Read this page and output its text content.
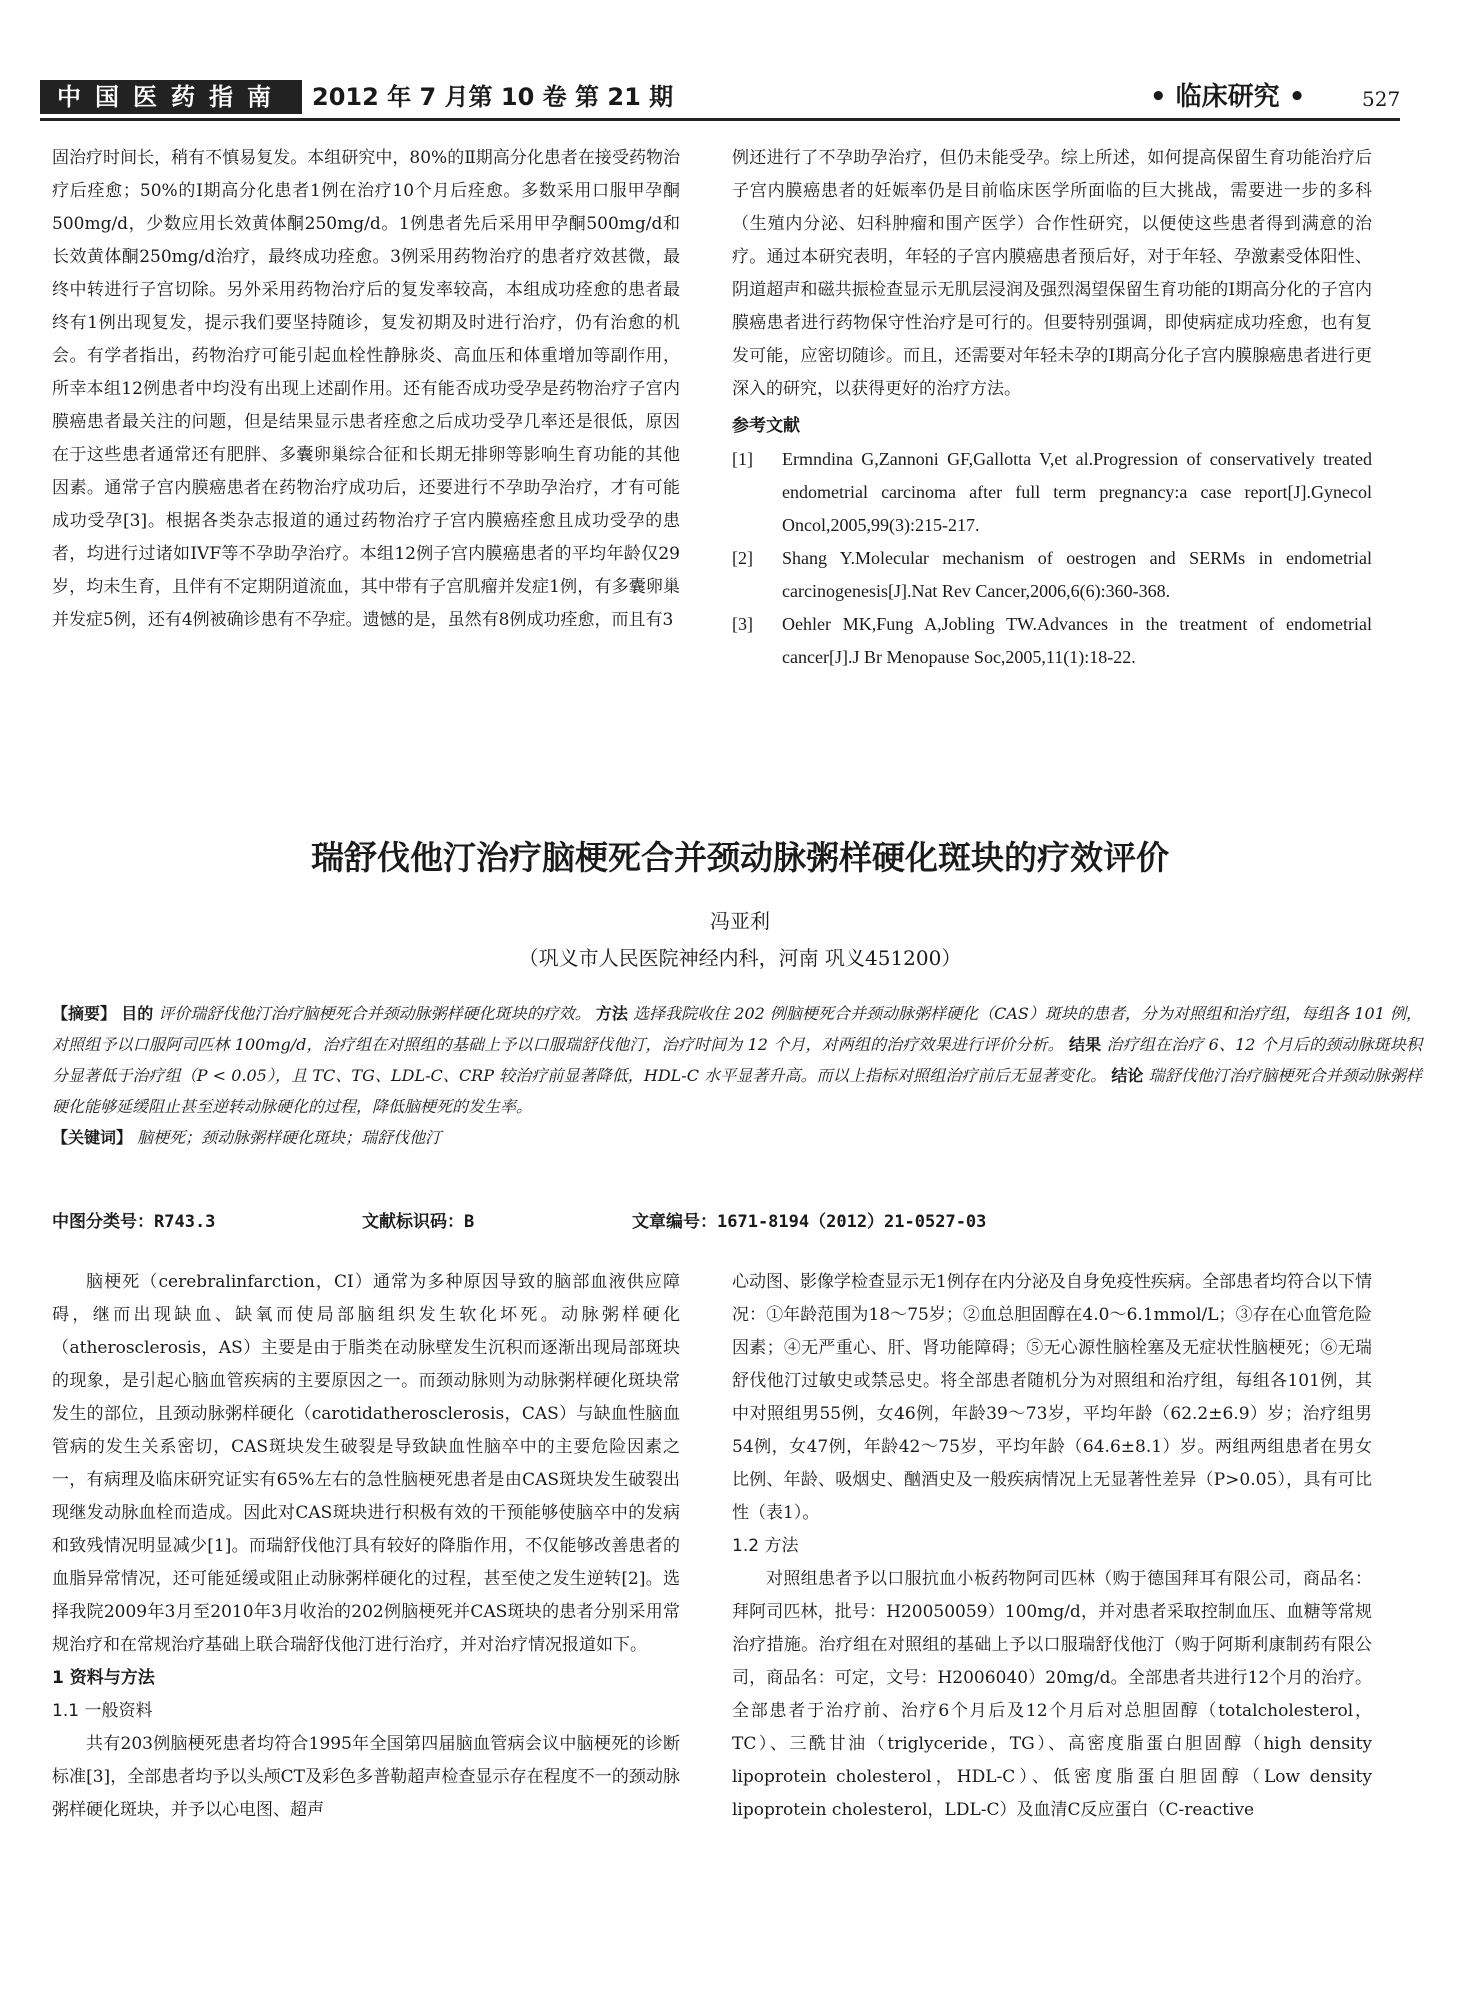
中国医药指南	2012 年 7 月第 10 卷 第 21 期	• 临床研究 •	527

固治疗时间长，稍有不慎易复发。本组研究中，80%的Ⅱ期高分化患者在接受药物治疗后痊愈；50%的Ⅰ期高分化患者1例在治疗10个月后痊愈。多数采用口服甲孕酮500mg/d，少数应用长效黄体酮250mg/d。1例患者先后采用甲孕酮500mg/d和长效黄体酮250mg/d治疗，最终成功痊愈。3例采用药物治疗的患者疗效甚微，最终中转进行子宫切除。另外采用药物治疗后的复发率较高，本组成功痊愈的患者最终有1例出现复发，提示我们要坚持随诊，复发初期及时进行治疗，仍有治愈的机会。有学者指出，药物治疗可能引起血栓性静脉炎、高血压和体重增加等副作用，所幸本组12例患者中均没有出现上述副作用。还有能否成功受孕是药物治疗子宫内膜癌患者最关注的问题，但是结果显示患者痊愈之后成功受孕几率还是很低，原因在于这些患者通常还有肥胖、多囊卵巢综合征和长期无排卵等影响生育功能的其他因素。通常子宫内膜癌患者在药物治疗成功后，还要进行不孕助孕治疗，才有可能成功受孕[3]。根据各类杂志报道的通过药物治疗子宫内膜癌痊愈且成功受孕的患者，均进行过诸如IVF等不孕助孕治疗。本组12例子宫内膜癌患者的平均年龄仅29岁，均未生育，且伴有不定期阴道流血，其中带有子宫肌瘤并发症1例，有多囊卵巢并发症5例，还有4例被确诊患有不孕症。遗憾的是，虽然有8例成功痊愈，而且有3

例还进行了不孕助孕治疗，但仍未能受孕。综上所述，如何提高保留生育功能治疗后子宫内膜癌患者的妊娠率仍是目前临床医学所面临的巨大挑战，需要进一步的多科（生殖内分泌、妇科肿瘤和围产医学）合作性研究，以便使这些患者得到满意的治疗。通过本研究表明，年轻的子宫内膜癌患者预后好，对于年轻、孕激素受体阳性、阴道超声和磁共振检查显示无肌层浸润及强烈渴望保留生育功能的Ⅰ期高分化的子宫内膜癌患者进行药物保守性治疗是可行的。但要特别强调，即使病症成功痊愈，也有复发可能，应密切随诊。而且，还需要对年轻未孕的Ⅰ期高分化子宫内膜腺癌患者进行更深入的研究，以获得更好的治疗方法。

参考文献

[1] Ermndina G,Zannoni GF,Gallotta V,et al.Progression of conservatively treated endometrial carcinoma after full term pregnancy:a case report[J].Gynecol Oncol,2005,99(3):215-217.

[2] Shang Y.Molecular mechanism of oestrogen and SERMs in endometrial carcinogenesis[J].Nat Rev Cancer,2006,6(6):360-368.

[3] Oehler MK,Fung A,Jobling TW.Advances in the treatment of endometrial cancer[J].J Br Menopause Soc,2005,11(1):18-22.

瑞舒伐他汀治疗脑梗死合并颈动脉粥样硬化斑块的疗效评价
冯亚利
（巩义市人民医院神经内科，河南 巩义451200）

【摘要】 目的 评价瑞舒伐他汀治疗脑梗死合并颈动脉粥样硬化斑块的疗效。 方法 选择我院收住 202 例脑梗死合并颈动脉粥样硬化（CAS）斑块的患者，分为对照组和治疗组，每组各 101 例，对照组予以口服阿司匹林 100mg/d，治疗组在对照组的基础上予以口服瑞舒伐他汀，治疗时间为 12 个月，对两组的治疗效果进行评价分析。 结果 治疗组在治疗 6、12 个月后的颈动脉斑块积分显著低于治疗组（P < 0.05），且 TC、TG、LDL-C、CRP 较治疗前显著降低，HDL-C 水平显著升高。而以上指标对照组治疗前后无显著变化。 结论 瑞舒伐他汀治疗脑梗死合并颈动脉粥样硬化能够延缓阻止甚至逆转动脉硬化的过程，降低脑梗死的发生率。

【关键词】 脑梗死；颈动脉粥样硬化斑块；瑞舒伐他汀

中图分类号：R743.3	文献标识码：B	文章编号：1671-8194（2012）21-0527-03

脑梗死（cerebralinfarction，CI）通常为多种原因导致的脑部血液供应障碍，继而出现缺血、缺氧而使局部脑组织发生软化坏死。动脉粥样硬化（atherosclerosis，AS）主要是由于脂类在动脉壁发生沉积而逐渐出现局部斑块的现象，是引起心脑血管疾病的主要原因之一。而颈动脉则为动脉粥样硬化斑块常发生的部位，且颈动脉粥样硬化（carotidatherosclerosis，CAS）与缺血性脑血管病的发生关系密切，CAS斑块发生破裂是导致缺血性脑卒中的主要危险因素之一，有病理及临床研究证实有65%左右的急性脑梗死患者是由CAS斑块发生破裂出现继发动脉血栓而造成。因此对CAS斑块进行积极有效的干预能够使脑卒中的发病和致残情况明显减少[1]。而瑞舒伐他汀具有较好的降脂作用，不仅能够改善患者的血脂异常情况，还可能延缓或阻止动脉粥样硬化的过程，甚至使之发生逆转[2]。选择我院2009年3月至2010年3月收治的202例脑梗死并CAS斑块的患者分别采用常规治疗和在常规治疗基础上联合瑞舒伐他汀进行治疗，并对治疗情况报道如下。

1 资料与方法

1.1 一般资料

共有203例脑梗死患者均符合1995年全国第四届脑血管病会议中脑梗死的诊断标准[3]，全部患者均予以头颅CT及彩色多普勒超声检查显示存在程度不一的颈动脉粥样硬化斑块，并予以心电图、超声

心动图、影像学检查显示无1例存在内分泌及自身免疫性疾病。全部患者均符合以下情况：①年龄范围为18～75岁；②血总胆固醇在4.0～6.1mmol/L；③存在心血管危险因素；④无严重心、肝、肾功能障碍；⑤无心源性脑栓塞及无症状性脑梗死；⑥无瑞舒伐他汀过敏史或禁忌史。将全部患者随机分为对照组和治疗组，每组各101例，其中对照组男55例，女46例，年龄39～73岁，平均年龄（62.2±6.9）岁；治疗组男54例，女47例，年龄42～75岁，平均年龄（64.6±8.1）岁。两组两组患者在男女比例、年龄、吸烟史、酗酒史及一般疾病情况上无显著性差异（P>0.05），具有可比性（表1）。

1.2 方法

对照组患者予以口服抗血小板药物阿司匹林（购于德国拜耳有限公司，商品名：拜阿司匹林，批号：H20050059）100mg/d，并对患者采取控制血压、血糖等常规治疗措施。治疗组在对照组的基础上予以口服瑞舒伐他汀（购于阿斯利康制药有限公司，商品名：可定，文号：H2006040）20mg/d。全部患者共进行12个月的治疗。全部患者于治疗前、治疗6个月后及12个月后对总胆固醇（totalcholesterol，TC）、三酰甘油（triglyceride，TG）、高密度脂蛋白胆固醇（high density lipoprotein cholesterol，HDL-C）、低密度脂蛋白胆固醇（Low density lipoprotein cholesterol，LDL-C）及血清C反应蛋白（C-reactive
